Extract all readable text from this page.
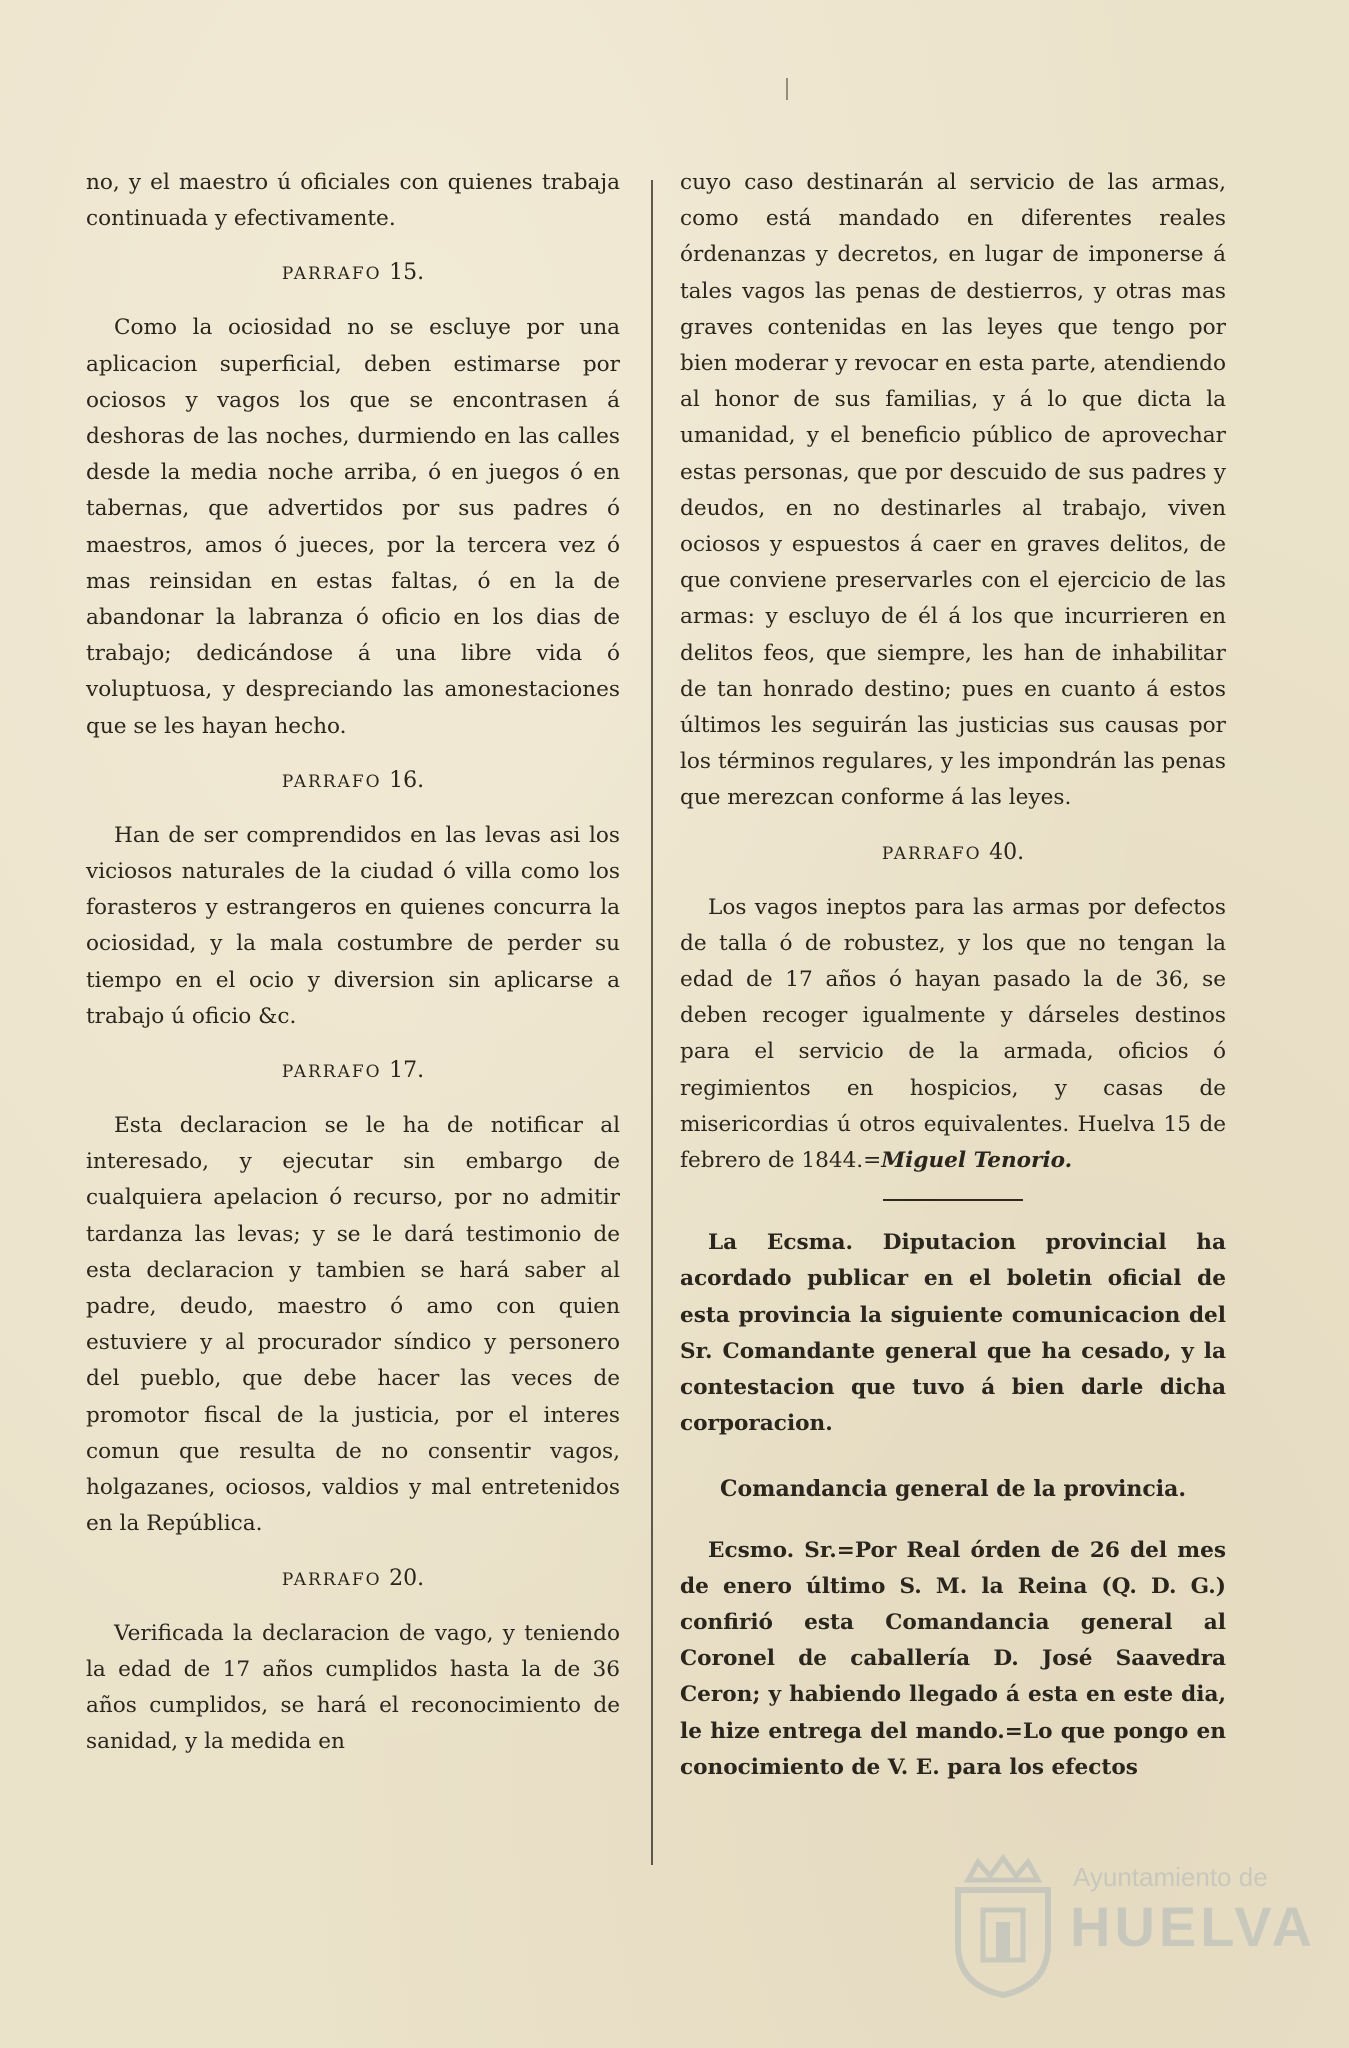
no, y el maestro ú oficiales con quienes trabaja continuada y efectivamente.

PARRAFO 15.

Como la ociosidad no se escluye por una aplicacion superficial, deben estimarse por ociosos y vagos los que se encontrasen á deshoras de las noches, durmiendo en las calles desde la media noche arriba, ó en juegos ó en tabernas, que advertidos por sus padres ó maestros, amos ó jueces, por la tercera vez ó mas reinsidan en estas faltas, ó en la de abandonar la labranza ó oficio en los dias de trabajo; dedicándose á una libre vida ó voluptuosa, y despreciando las amonestaciones que se les hayan hecho.

PARRAFO 16.

Han de ser comprendidos en las levas asi los viciosos naturales de la ciudad ó villa como los forasteros y estrangeros en quienes concurra la ociosidad, y la mala costumbre de perder su tiempo en el ocio y diversion sin aplicarse a trabajo ú oficio &c.

PARRAFO 17.

Esta declaracion se le ha de notificar al interesado, y ejecutar sin embargo de cualquiera apelacion ó recurso, por no admitir tardanza las levas; y se le dará testimonio de esta declaracion y tambien se hará saber al padre, deudo, maestro ó amo con quien estuviere y al procurador síndico y personero del pueblo, que debe hacer las veces de promotor fiscal de la justicia, por el interes comun que resulta de no consentir vagos, holgazanes, ociosos, valdios y mal entretenidos en la República.

PARRAFO 20.

Verificada la declaracion de vago, y teniendo la edad de 17 años cumplidos hasta la de 36 años cumplidos, se hará el reconocimiento de sanidad, y la medida en

cuyo caso destinarán al servicio de las armas, como está mandado en diferentes reales órdenanzas y decretos, en lugar de imponerse á tales vagos las penas de destierros, y otras mas graves contenidas en las leyes que tengo por bien moderar y revocar en esta parte, atendiendo al honor de sus familias, y á lo que dicta la umanidad, y el beneficio público de aprovechar estas personas, que por descuido de sus padres y deudos, en no destinarles al trabajo, viven ociosos y espuestos á caer en graves delitos, de que conviene preservarles con el ejercicio de las armas: y escluyo de él á los que incurrieren en delitos feos, que siempre, les han de inhabilitar de tan honrado destino; pues en cuanto á estos últimos les seguirán las justicias sus causas por los términos regulares, y les impondrán las penas que merezcan conforme á las leyes.

PARRAFO 40.

Los vagos ineptos para las armas por defectos de talla ó de robustez, y los que no tengan la edad de 17 años ó hayan pasado la de 36, se deben recoger igualmente y dárseles destinos para el servicio de la armada, oficios ó regimientos en hospicios, y casas de misericordias ú otros equivalentes. Huelva 15 de febrero de 1844.=Miguel Tenorio.

La Ecsma. Diputacion provincial ha acordado publicar en el boletin oficial de esta provincia la siguiente comunicacion del Sr. Comandante general que ha cesado, y la contestacion que tuvo á bien darle dicha corporacion.

Comandancia general de la provincia.

Ecsmo. Sr.=Por Real órden de 26 del mes de enero último S. M. la Reina (Q. D. G.) confirió esta Comandancia general al Coronel de caballería D. José Saavedra Ceron; y habiendo llegado á esta en este dia, le hize entrega del mando.=Lo que pongo en conocimiento de V. E. para los efectos

Ayuntamiento de
HUELVA
